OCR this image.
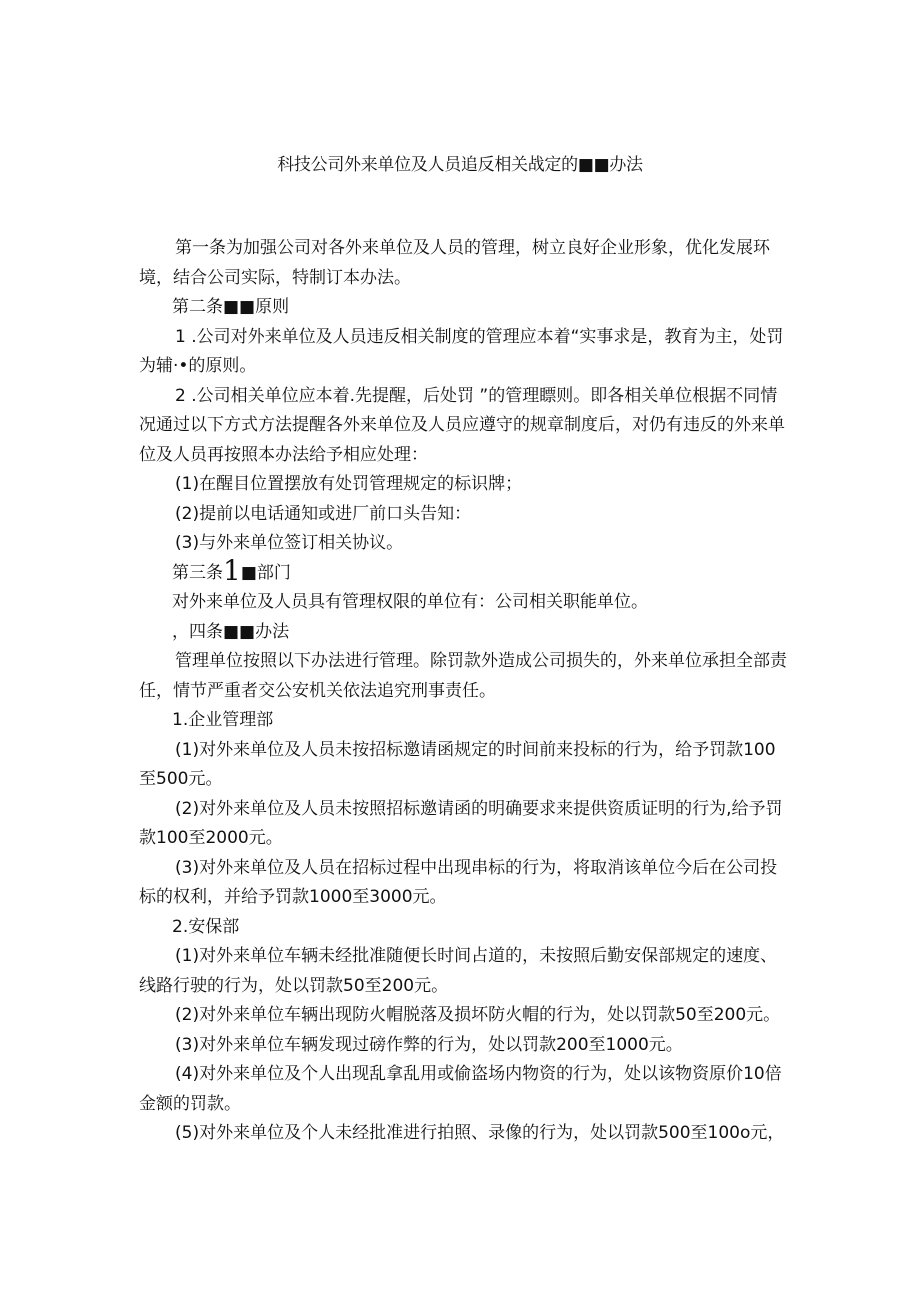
科技公司外来单位及人员追反相关战定的■■办法

第一条为加强公司对各外来单位及人员的管理，树立良好企业形象，优化发展环境，结合公司实际，特制订本办法。

第二条■■原则

1 .公司对外来单位及人员违反相关制度的管理应本着“实事求是，教育为主，处罚为辅·•的原则。

2 .公司相关单位应本着.先提醒，后处罚 ”的管理瞟则。即各相关单位根据不同情况通过以下方式方法提醒各外来单位及人员应遵守的规章制度后，对仍有违反的外来单位及人员再按照本办法给予相应处理：

(1)在醒目位置摆放有处罚管理规定的标识牌；

(2)提前以电话通知或进厂前口头告知：

(3)与外来单位签订相关协议。

第三条1■部门

对外来单位及人员具有管理权限的单位有：公司相关职能单位。

，四条■■办法

管理单位按照以下办法进行管理。除罚款外造成公司损失的，外来单位承担全部责任，情节严重者交公安机关依法追究刑事责任。

1.企业管理部

(1)对外来单位及人员未按招标邀请函规定的时间前来投标的行为，给予罚款100至500元。

(2)对外来单位及人员未按照招标邀请函的明确要求来提供资质证明的行为,给予罚款100至2000元。

(3)对外来单位及人员在招标过程中出现串标的行为，将取消该单位今后在公司投标的权利，并给予罚款1000至3000元。

2.安保部

(1)对外来单位车辆未经批准随便长时间占道的，未按照后勤安保部规定的速度、线路行驶的行为，处以罚款50至200元。

(2)对外来单位车辆出现防火帽脱落及损坏防火帽的行为，处以罚款50至200元。

(3)对外来单位车辆发现过磅作弊的行为，处以罚款200至1000元。

(4)对外来单位及个人出现乱拿乱用或偷盗场内物资的行为，处以该物资原价10倍金额的罚款。

(5)对外来单位及个人未经批准进行拍照、录像的行为，处以罚款500至100o元，
